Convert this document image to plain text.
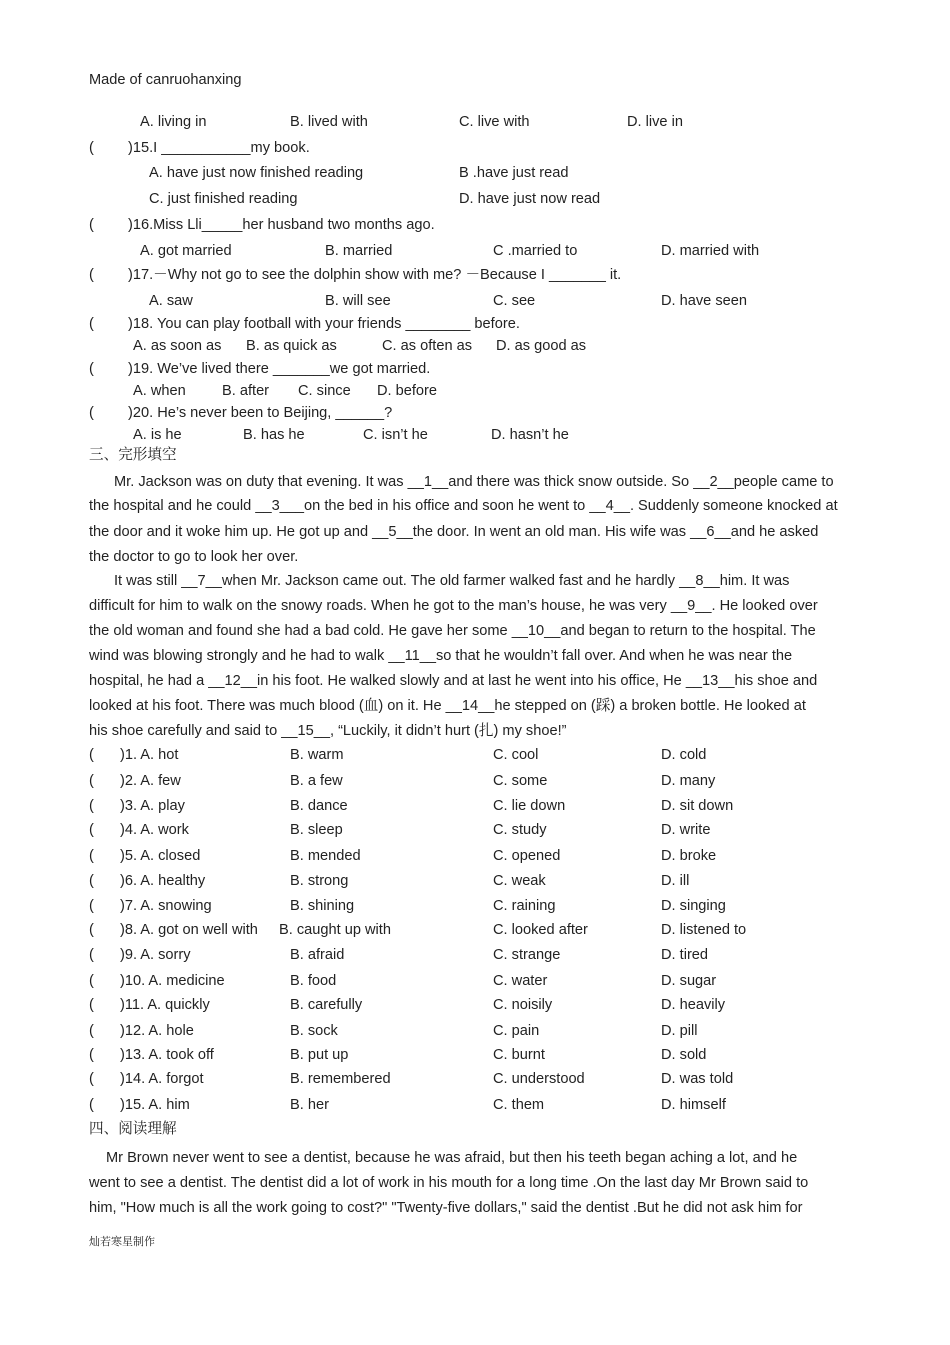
Made of canruohanxing
A. living in	B. lived with	C. live with	D. live in
( )15.I ___________my book.
A. have just now finished reading	B .have just read
C. just finished reading	D. have just now read
( )16.Miss Lli_____her husband two months ago.
A. got married	B. married	C .married to	D. married with
( )17.－Why not go to see the dolphin show with me? －Because I _______ it.
A. saw	B. will see	C. see	D. have seen
( )18. You can play football with your friends ________ before.
A. as soon as B. as quick as	C. as often as D. as good as
( )19. We’ve lived there _______we got married.
A. when B. after C. since D. before
( )20. He’s never been to Beijing, ______?
A. is he	B. has he	C. isn’t he	D. hasn’t he
三、完形填空
Mr. Jackson was on duty that evening. It was __1__and there was thick snow outside. So __2__people came to
the hospital and he could __3___on the bed in his office and soon he went to __4__. Suddenly someone knocked at
the door and it woke him up. He got up and __5__the door. In went an old man. His wife was __6__and he asked
the doctor to go to look her over.
It was still __7__when Mr. Jackson came out. The old farmer walked fast and he hardly __8__him. It was
difficult for him to walk on the snowy roads. When he got to the man’s house, he was very __9__. He looked over
the old woman and found she had a bad cold. He gave her some __10__and began to return to the hospital. The
wind was blowing strongly and he had to walk __11__so that he wouldn’t fall over. And when he was near the
hospital, he had a __12__in his foot. He walked slowly and at last he went into his office, He __13__his shoe and
looked at his foot. There was much blood (血) on it. He __14__he stepped on (踩) a broken bottle. He looked at
his shoe carefully and said to __15__, “Luckily, it didn’t hurt (扎) my shoe!”
( )1. A. hot	B. warm	C. cool	D. cold
( )2. A. few	B. a few	C. some	D. many
( )3. A. play	B. dance	C. lie down	D. sit down
( )4. A. work	B. sleep	C. study	D. write
( )5. A. closed	B. mended	C. opened	D. broke
( )6. A. healthy	B. strong	C. weak	D. ill
( )7. A. snowing	B. shining	C. raining	D. singing
( )8. A. got on well with B. caught up with	C. looked after	D. listened to
( )9. A. sorry	B. afraid	C. strange	D. tired
( )10. A. medicine	B. food	C. water	D. sugar
( )11. A. quickly	B. carefully	C. noisily	D. heavily
( )12. A. hole	B. sock	C. pain	D. pill
( )13. A. took off	B. put up	C. burnt	D. sold
( )14. A. forgot	B. remembered	C. understood	D. was told
( )15. A. him	B. her	C. them	D. himself
四、阅读理解
Mr Brown never went to see a dentist, because he was afraid, but then his teeth began aching a lot, and he
went to see a dentist. The dentist did a lot of work in his mouth for a long time .On the last day Mr Brown said to
him, "How much is all the work going to cost?" "Twenty-five dollars," said the dentist .But he did not ask him for
灿若寒星制作
